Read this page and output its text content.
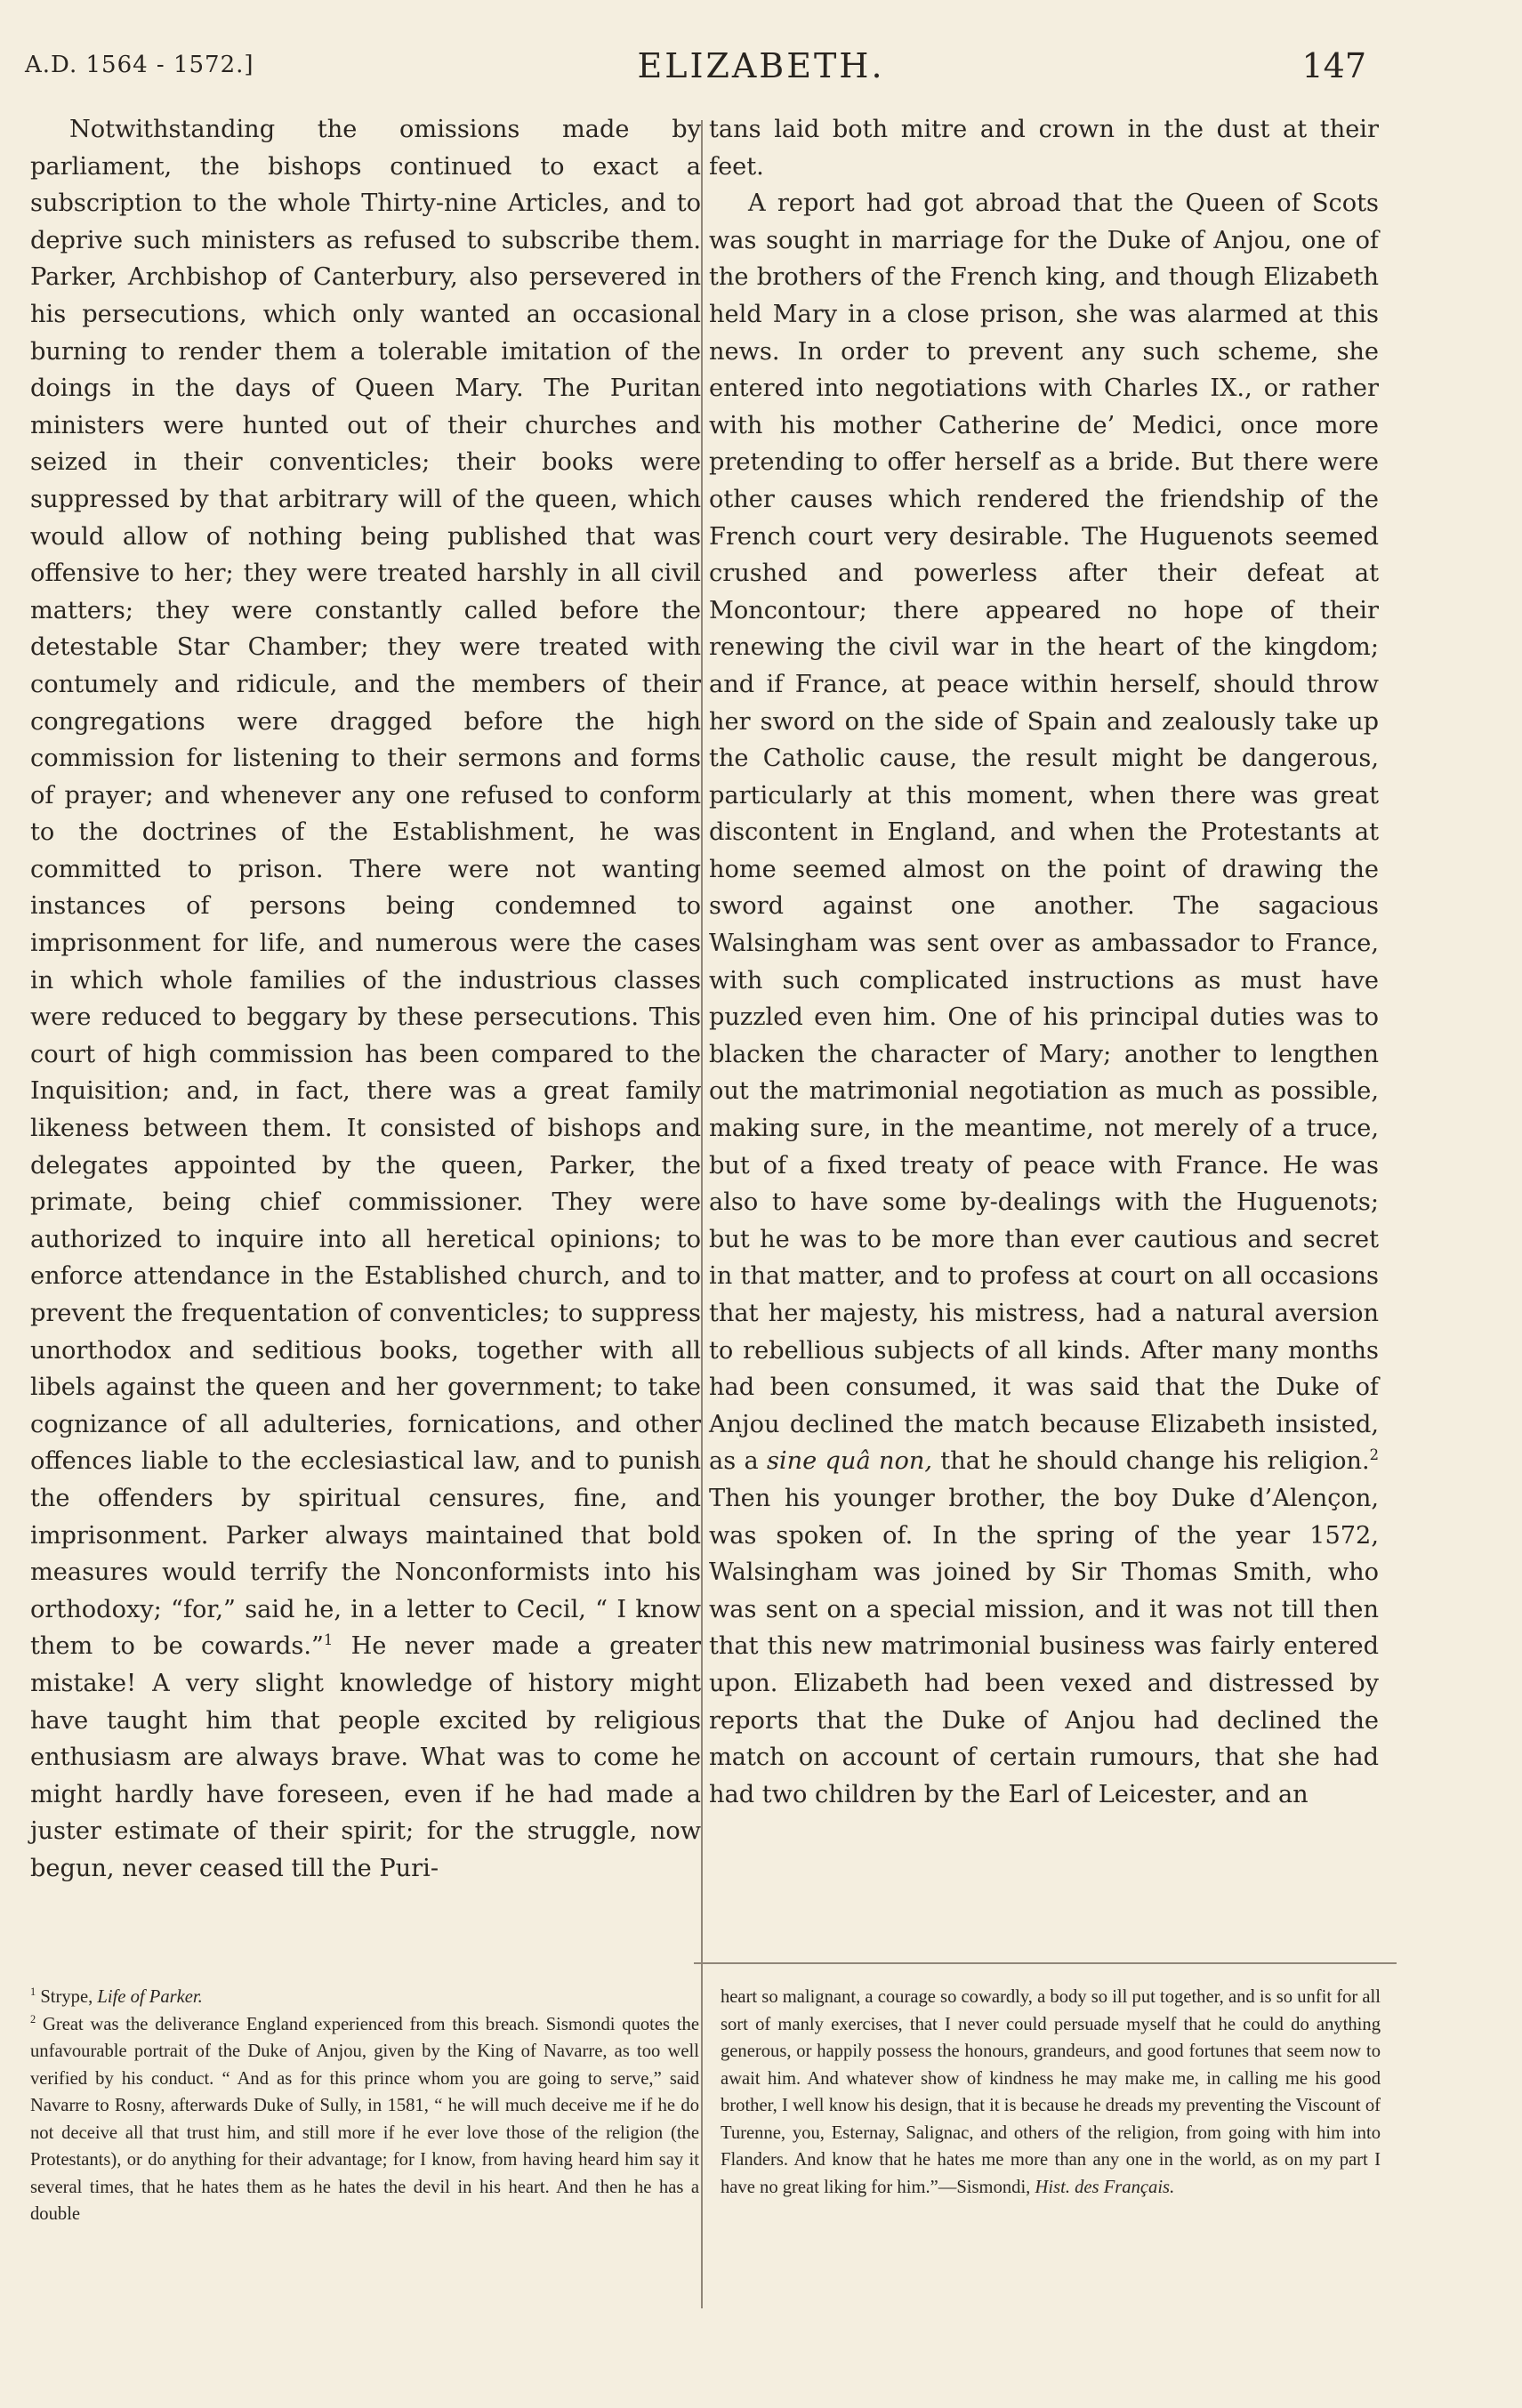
A.D. 1564 - 1572.]	ELIZABETH.	147

Notwithstanding the omissions made by parliament, the bishops continued to exact a subscription to the whole Thirty-nine Articles, and to deprive such ministers as refused to subscribe them. Parker, Archbishop of Canterbury, also persevered in his persecutions, which only wanted an occasional burning to render them a tolerable imitation of the doings in the days of Queen Mary. The Puritan ministers were hunted out of their churches and seized in their conventicles; their books were suppressed by that arbitrary will of the queen, which would allow of nothing being published that was offensive to her; they were treated harshly in all civil matters; they were constantly called before the detestable Star Chamber; they were treated with contumely and ridicule, and the members of their congregations were dragged before the high commission for listening to their sermons and forms of prayer; and whenever any one refused to conform to the doctrines of the Establishment, he was committed to prison. There were not wanting instances of persons being condemned to imprisonment for life, and numerous were the cases in which whole families of the industrious classes were reduced to beggary by these persecutions. This court of high commission has been compared to the Inquisition; and, in fact, there was a great family likeness between them. It consisted of bishops and delegates appointed by the queen, Parker, the primate, being chief commissioner. They were authorized to inquire into all heretical opinions; to enforce attendance in the Established church, and to prevent the frequentation of conventicles; to suppress unorthodox and seditious books, together with all libels against the queen and her government; to take cognizance of all adulteries, fornications, and other offences liable to the ecclesiastical law, and to punish the offenders by spiritual censures, fine, and imprisonment. Parker always maintained that bold measures would terrify the Nonconformists into his orthodoxy; “for,” said he, in a letter to Cecil, “ I know them to be cowards.”$^1$ He never made a greater mistake! A very slight knowledge of history might have taught him that people excited by religious enthusiasm are always brave. What was to come he might hardly have foreseen, even if he had made a juster estimate of their spirit; for the struggle, now begun, never ceased till the Puri-

tans laid both mitre and crown in the dust at their feet.

A report had got abroad that the Queen of Scots was sought in marriage for the Duke of Anjou, one of the brothers of the French king, and though Elizabeth held Mary in a close prison, she was alarmed at this news. In order to prevent any such scheme, she entered into negotiations with Charles IX., or rather with his mother Catherine de’ Medici, once more pretending to offer herself as a bride. But there were other causes which rendered the friendship of the French court very desirable. The Huguenots seemed crushed and powerless after their defeat at Moncontour; there appeared no hope of their renewing the civil war in the heart of the kingdom; and if France, at peace within herself, should throw her sword on the side of Spain and zealously take up the Catholic cause, the result might be dangerous, particularly at this moment, when there was great discontent in England, and when the Protestants at home seemed almost on the point of drawing the sword against one another. The sagacious Walsingham was sent over as ambassador to France, with such complicated instructions as must have puzzled even him. One of his principal duties was to blacken the character of Mary; another to lengthen out the matrimonial negotiation as much as possible, making sure, in the meantime, not merely of a truce, but of a fixed treaty of peace with France. He was also to have some by-dealings with the Huguenots; but he was to be more than ever cautious and secret in that matter, and to profess at court on all occasions that her majesty, his mistress, had a natural aversion to rebellious subjects of all kinds. After many months had been consumed, it was said that the Duke of Anjou declined the match because Elizabeth insisted, as a sine quâ non, that he should change his religion.$^2$ Then his younger brother, the boy Duke d’Alençon, was spoken of. In the spring of the year 1572, Walsingham was joined by Sir Thomas Smith, who was sent on a special mission, and it was not till then that this new matrimonial business was fairly entered upon. Elizabeth had been vexed and distressed by reports that the Duke of Anjou had declined the match on account of certain rumours, that she had had two children by the Earl of Leicester, and an

$^1$ Strype, Life of Parker.

$^2$ Great was the deliverance England experienced from this breach. Sismondi quotes the unfavourable portrait of the Duke of Anjou, given by the King of Navarre, as too well verified by his conduct. “ And as for this prince whom you are going to serve,” said Navarre to Rosny, afterwards Duke of Sully, in 1581, “ he will much deceive me if he do not deceive all that trust him, and still more if he ever love those of the religion (the Protestants), or do anything for their advantage; for I know, from having heard him say it several times, that he hates them as he hates the devil in his heart. And then he has a double

heart so malignant, a courage so cowardly, a body so ill put together, and is so unfit for all sort of manly exercises, that I never could persuade myself that he could do anything generous, or happily possess the honours, grandeurs, and good fortunes that seem now to await him. And whatever show of kindness he may make me, in calling me his good brother, I well know his design, that it is because he dreads my preventing the Viscount of Turenne, you, Esternay, Salignac, and others of the religion, from going with him into Flanders. And know that he hates me more than any one in the world, as on my part I have no great liking for him.”—Sismondi, Hist. des Français.
